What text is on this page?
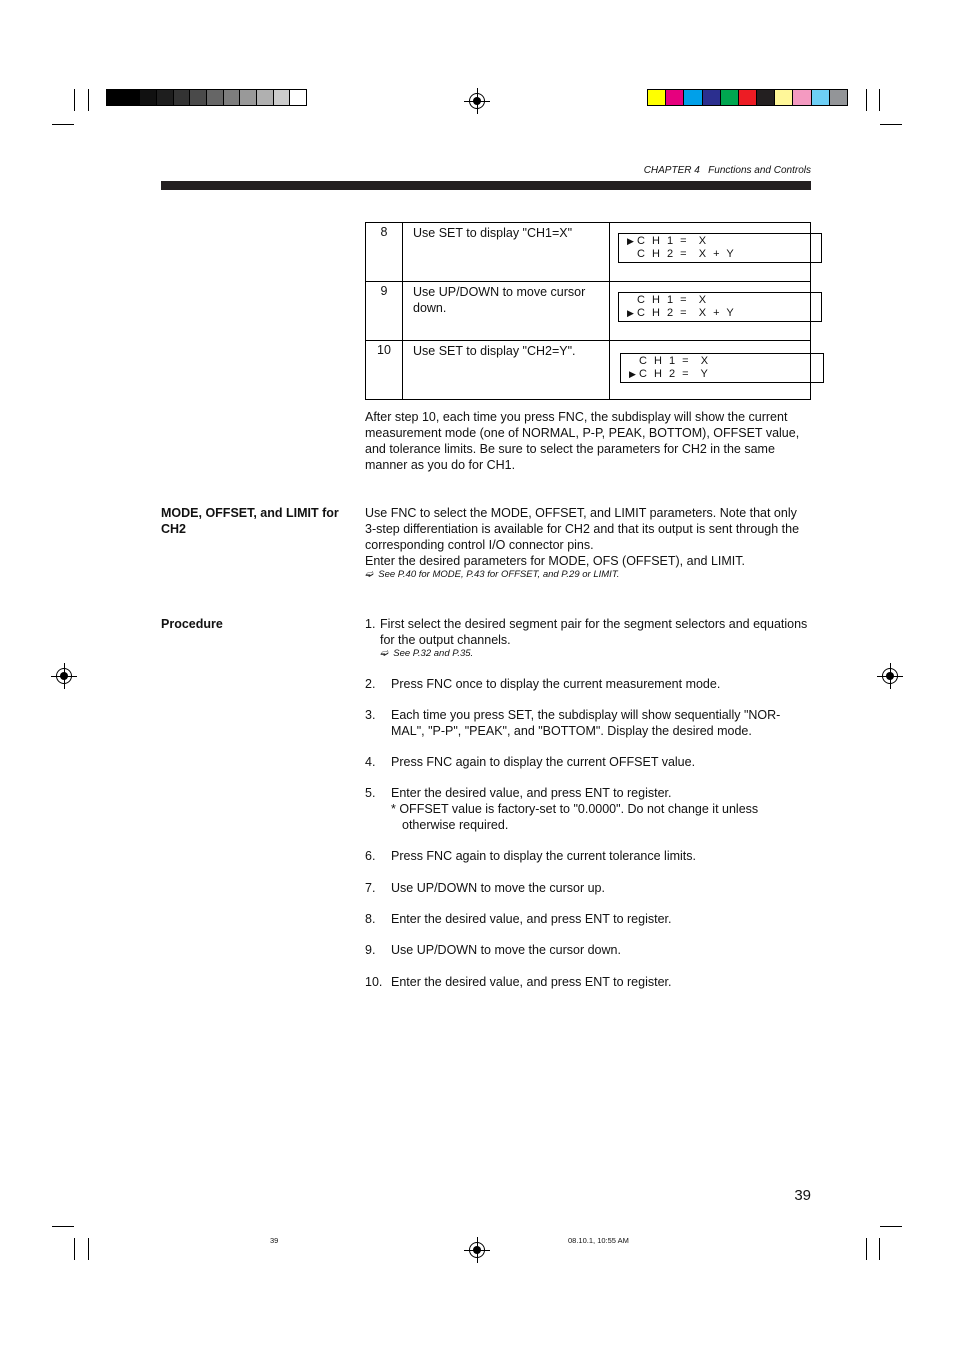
CHAPTER 4 Functions and Controls
8	Use SET to display "CH1=X"	▶ C H 1 =  X
C H 2 =  X + Y

9	Use UP/DOWN to move cursor down.	C H 1 =  X
▶ C H 2 =  X + Y

10	Use SET to display "CH2=Y".	C H 1 =  X
▶ C H 2 =  Y
After step 10, each time you press FNC, the subdisplay will show the current measurement mode (one of NORMAL, P-P, PEAK, BOTTOM), OFFSET value, and tolerance limits. Be sure to select the parameters for CH2 in the same manner as you do for CH1.
MODE, OFFSET, and LIMIT for CH2
Use FNC to select the MODE, OFFSET, and LIMIT parameters. Note that only 3-step differentiation is available for CH2 and that its output is sent through the corresponding control I/O connector pins.
Enter the desired parameters for MODE, OFS (OFFSET), and LIMIT.
➫ See P.40 for MODE, P.43 for OFFSET, and P.29 or LIMIT.
Procedure	1. First select the desired segment pair for the segment selectors and equations for the output channels.
➫ See P.32 and P.35.
2. Press FNC once to display the current measurement mode.
3. Each time you press SET, the subdisplay will show sequentially "NOR-MAL", "P-P", "PEAK", and "BOTTOM". Display the desired mode.
4. Press FNC again to display the current OFFSET value.
5. Enter the desired value, and press ENT to register.
* OFFSET value is factory-set to "0.0000". Do not change it unless otherwise required.
6. Press FNC again to display the current tolerance limits.
7. Use UP/DOWN to move the cursor up.
8. Enter the desired value, and press ENT to register.
9. Use UP/DOWN to move the cursor down.
10. Enter the desired value, and press ENT to register.
39
39	08.10.1, 10:55 AM
